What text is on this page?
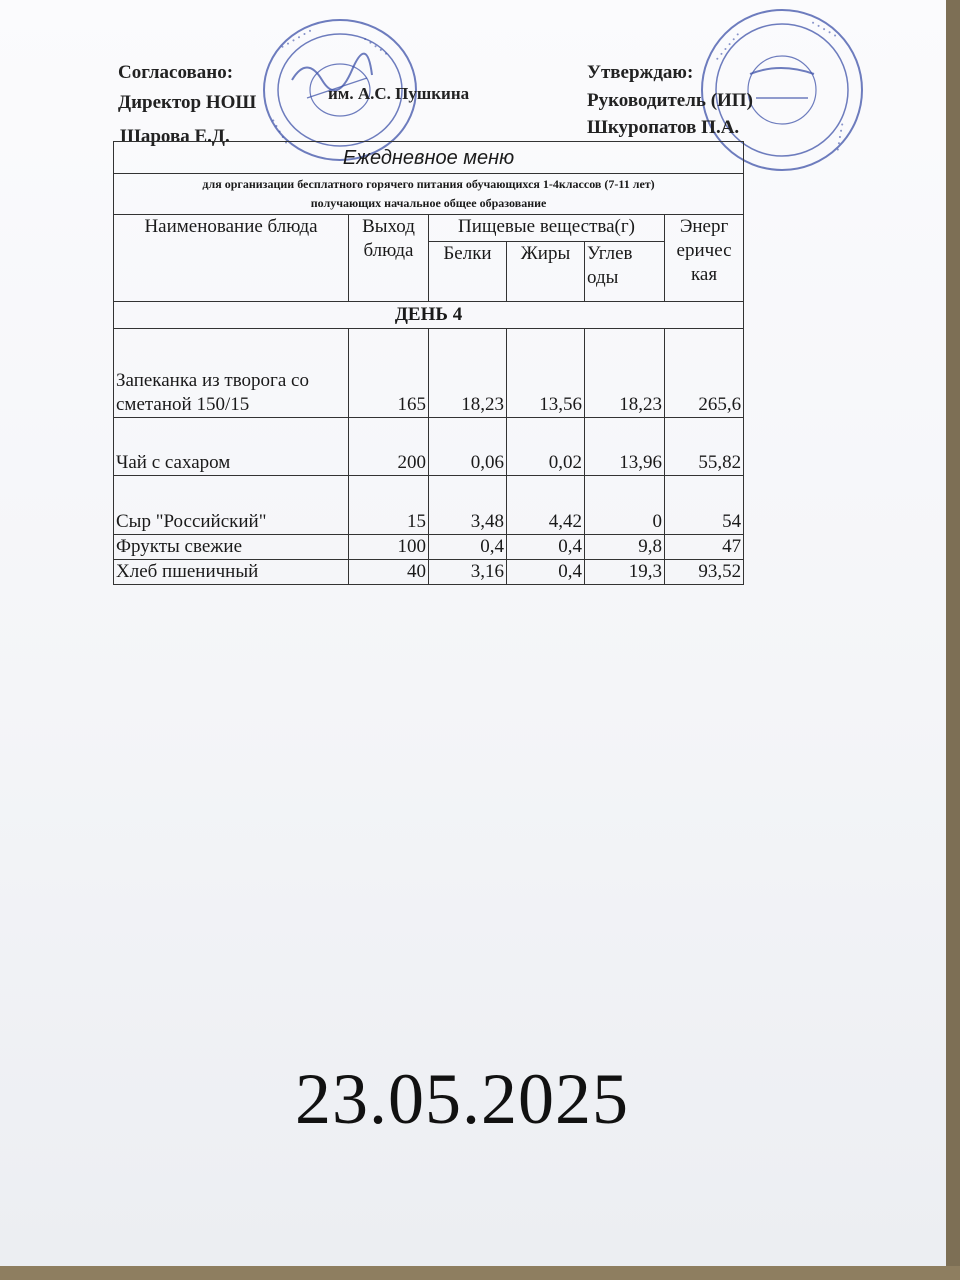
• • • • • •	• • • • •
• • • • •
• • • • • •
• • • • •
• • • • •
Согласовано:
Директор НОШ	им. А.С. Пушкина
Шарова Е.Д.
Утверждаю:
Руководитель (ИП)
Шкуропатов П.А.
Ежедневное меню					

для организации бесплатного горячего питания обучающихся 1-4классов (7-11 лет)
получающих начальное общее образование					

Наименование блюда	Выход блюда	Пищевые вещества(г)			Энерг еричес кая
		Белки	Жиры	Углев оды	
ДЕНЬ 4					
Запеканка из творога со сметаной 150/15	165	18,23	13,56	18,23	265,6
Чай с сахаром	200	0,06	0,02	13,96	55,82
Сыр "Российский"	15	3,48	4,42	0	54
Фрукты свежие	100	0,4	0,4	9,8	47
Хлеб пшеничный	40	3,16	0,4	19,3	93,52
23.05.2025
